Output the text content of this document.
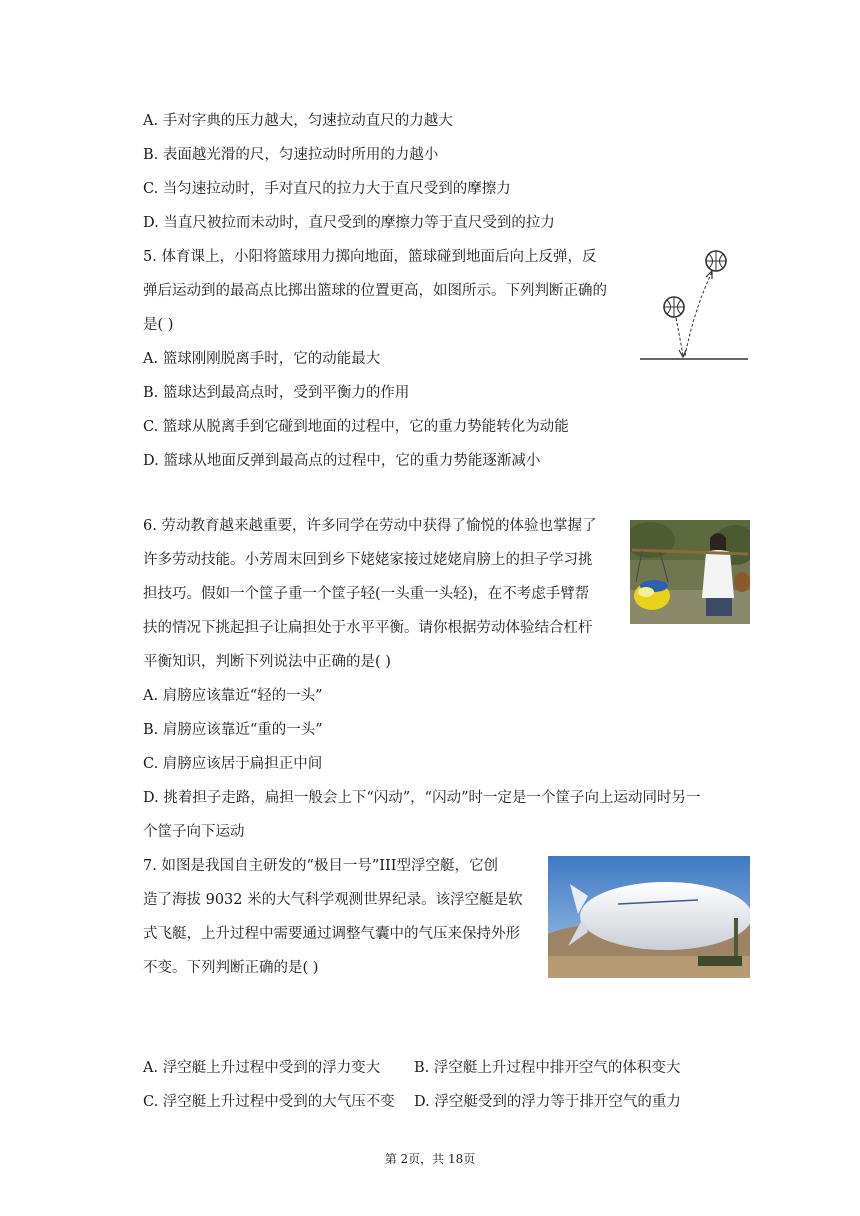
A. 手对字典的压力越大，匀速拉动直尺的力越大
B. 表面越光滑的尺，匀速拉动时所用的力越小
C. 当匀速拉动时，手对直尺的拉力大于直尺受到的摩擦力
D. 当直尺被拉而未动时，直尺受到的摩擦力等于直尺受到的拉力
5. 体育课上，小阳将篮球用力掷向地面，篮球碰到地面后向上反弹，反
弹后运动到的最高点比掷出篮球的位置更高，如图所示。下列判断正确的
是( )
A. 篮球刚刚脱离手时，它的动能最大
B. 篮球达到最高点时，受到平衡力的作用
C. 篮球从脱离手到它碰到地面的过程中，它的重力势能转化为动能
D. 篮球从地面反弹到最高点的过程中，它的重力势能逐渐减小
6. 劳动教育越来越重要，许多同学在劳动中获得了愉悦的体验也掌握了
许多劳动技能。小芳周末回到乡下姥姥家接过姥姥肩膀上的担子学习挑
担技巧。假如一个筐子重一个筐子轻(一头重一头轻)，在不考虑手臂帮
扶的情况下挑起担子让扁担处于水平平衡。请你根据劳动体验结合杠杆
平衡知识，判断下列说法中正确的是( )
A. 肩膀应该靠近“轻的一头”
B. 肩膀应该靠近“重的一头”
C. 肩膀应该居于扁担正中间
D. 挑着担子走路，扁担一般会上下“闪动”，“闪动”时一定是一个筐子向上运动同时另一
个筐子向下运动
7. 如图是我国自主研发的“极目一号”III型浮空艇，它创
造了海拔 9032 米的大气科学观测世界纪录。该浮空艇是软
式飞艇，上升过程中需要通过调整气囊中的气压来保持外形
不变。下列判断正确的是( )
A. 浮空艇上升过程中受到的浮力变大 B. 浮空艇上升过程中排开空气的体积变大
C. 浮空艇上升过程中受到的大气压不变 D. 浮空艇受到的浮力等于排开空气的重力
第 2页，共 18页
